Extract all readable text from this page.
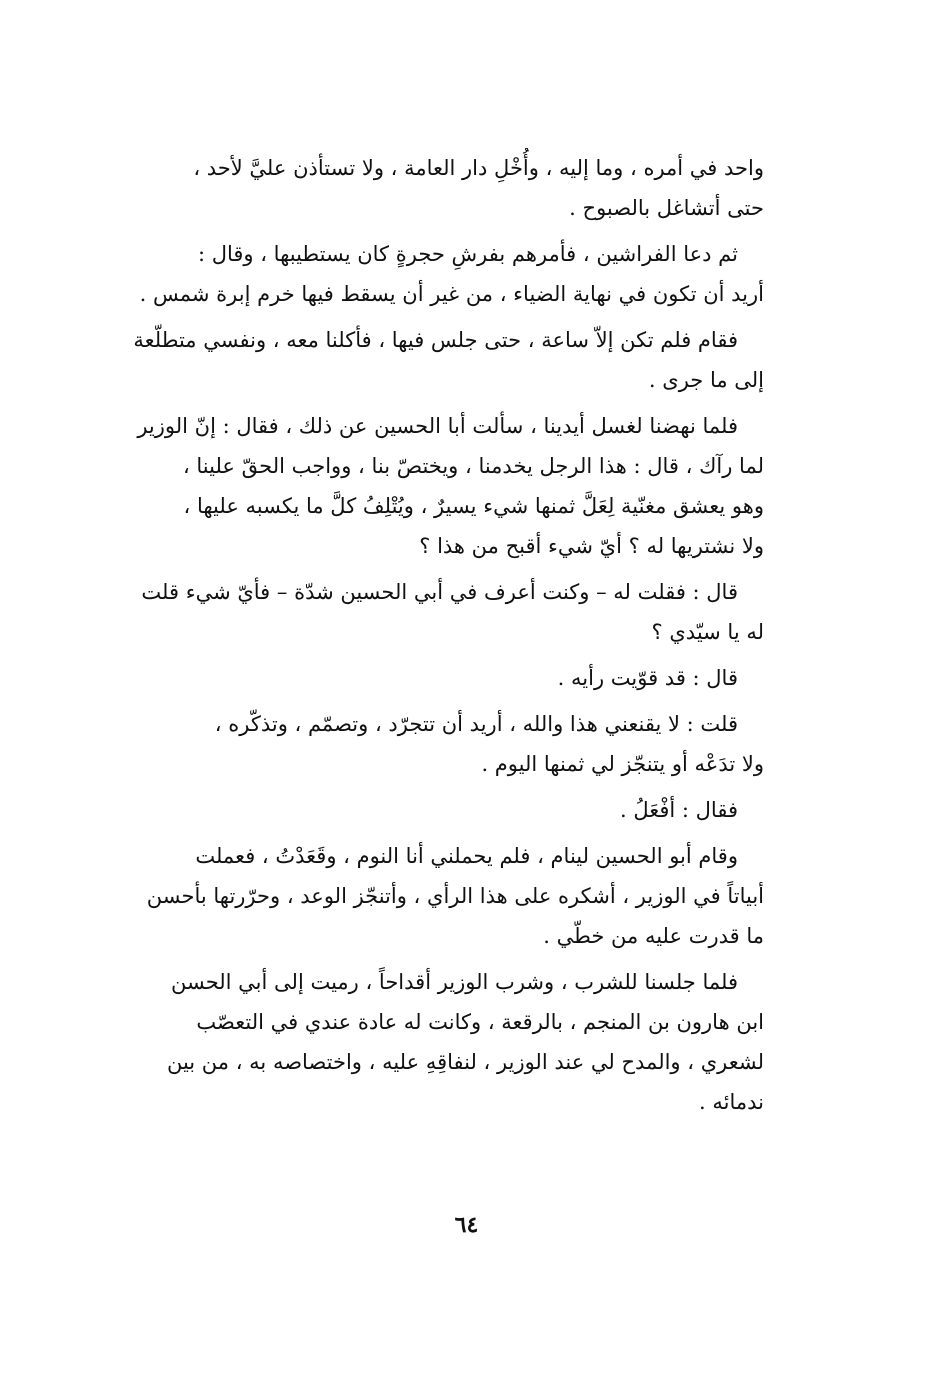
واحد في أمره ، وما إليه ، وأُخْلِ دار العامة ، ولا تستأذن عليَّ لأحد ،
حتى أتشاغل بالصبوح .
ثم دعا الفراشين ، فأمرهم بفرشِ حجرةٍ كان يستطيبها ، وقال :
أريد أن تكون في نهاية الضياء ، من غير أن يسقط فيها خرم إبرة شمس .
فقام فلم تكن إلاّ ساعة ، حتى جلس فيها ، فأكلنا معه ، ونفسي متطلّعة
إلى ما جرى .
فلما نهضنا لغسل أيدينا ، سألت أبا الحسين عن ذلك ، فقال : إنّ الوزير
لما رآك ، قال : هذا الرجل يخدمنا ، ويختصّ بنا ، وواجب الحقّ علينا ،
وهو يعشق مغنّية لِعَلَّ ثمنها شيء يسيرٌ ، ويُتْلِفُ كلَّ ما يكسبه عليها ،
ولا نشتريها له ؟ أيّ شيء أقبح من هذا ؟
قال : فقلت له – وكنت أعرف في أبي الحسين شدّة – فأيّ شيء قلت
له يا سيّدي ؟
قال : قد قوّيت رأيه .
قلت : لا يقنعني هذا والله ، أريد أن تتجرّد ، وتصمّم ، وتذكّره ،
ولا تدَعْه أو يتنجّز لي ثمنها اليوم .
فقال : أفْعَلُ .
وقام أبو الحسين لينام ، فلم يحملني أنا النوم ، وقَعَدْتُ ، فعملت
أبياتاً في الوزير ، أشكره على هذا الرأي ، وأتنجّز الوعد ، وحرّرتها بأحسن
ما قدرت عليه من خطّي .
فلما جلسنا للشرب ، وشرب الوزير أقداحاً ، رميت إلى أبي الحسن
ابن هارون بن المنجم ، بالرقعة ، وكانت له عادة عندي في التعصّب
لشعري ، والمدح لي عند الوزير ، لنفاقِهِ عليه ، واختصاصه به ، من بين
ندمائه .
٦٤
